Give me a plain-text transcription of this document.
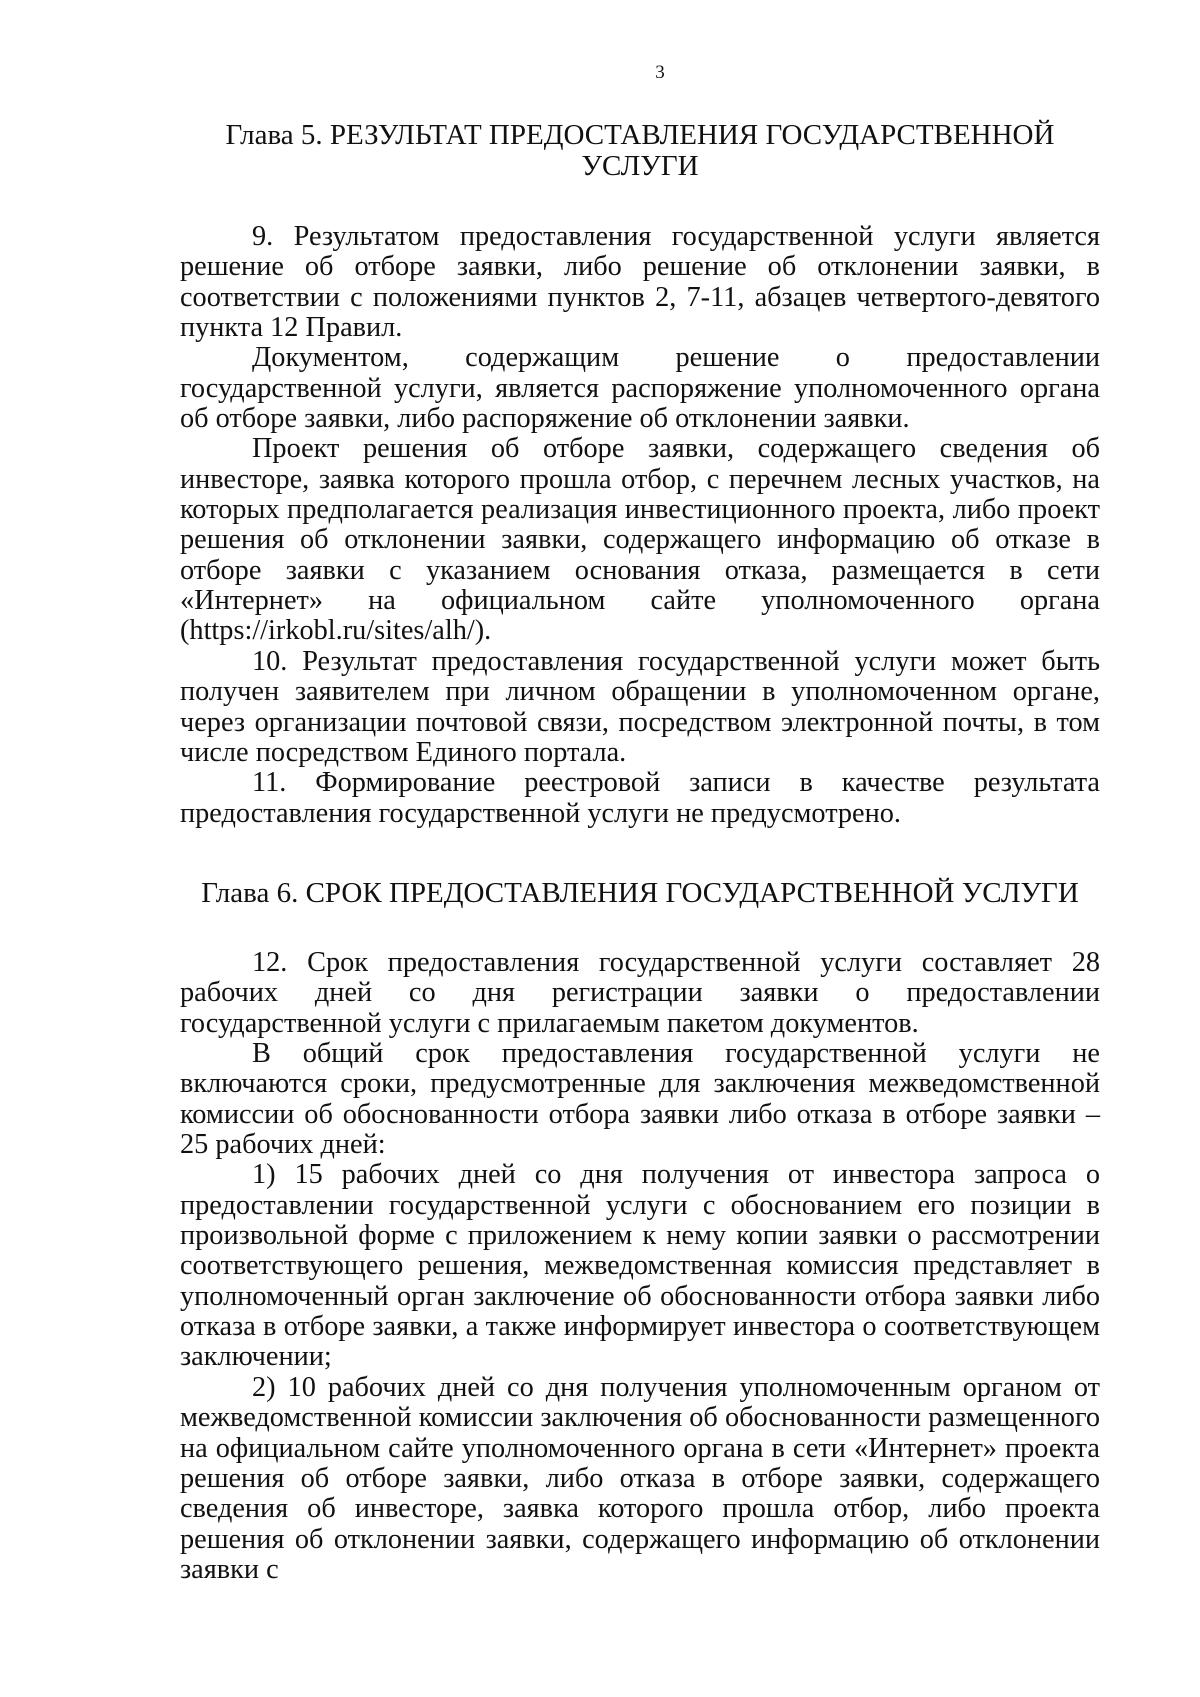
3
Глава 5. РЕЗУЛЬТАТ ПРЕДОСТАВЛЕНИЯ ГОСУДАРСТВЕННОЙ
УСЛУГИ

9. Результатом предоставления государственной услуги является решение об отборе заявки, либо решение об отклонении заявки, в соответствии с положениями пунктов 2, 7-11, абзацев четвертого-девятого пункта 12 Правил.

Документом, содержащим решение о предоставлении государственной услуги, является распоряжение уполномоченного органа об отборе заявки, либо распоряжение об отклонении заявки.

Проект решения об отборе заявки, содержащего сведения об инвесторе, заявка которого прошла отбор, с перечнем лесных участков, на которых предполагается реализация инвестиционного проекта, либо проект решения об отклонении заявки, содержащего информацию об отказе в отборе заявки с указанием основания отказа, размещается в сети «Интернет» на официальном сайте уполномоченного органа (https://irkobl.ru/sites/alh/).

10. Результат предоставления государственной услуги может быть получен заявителем при личном обращении в уполномоченном органе, через организации почтовой связи, посредством электронной почты, в том числе посредством Единого портала.

11. Формирование реестровой записи в качестве результата предоставления государственной услуги не предусмотрено.

Глава 6. СРОК ПРЕДОСТАВЛЕНИЯ ГОСУДАРСТВЕННОЙ УСЛУГИ

12. Срок предоставления государственной услуги составляет 28 рабочих дней со дня регистрации заявки о предоставлении государственной услуги с прилагаемым пакетом документов.

В общий срок предоставления государственной услуги не включаются сроки, предусмотренные для заключения межведомственной комиссии об обоснованности отбора заявки либо отказа в отборе заявки – 25 рабочих дней:

1) 15 рабочих дней со дня получения от инвестора запроса о предоставлении государственной услуги с обоснованием его позиции в произвольной форме с приложением к нему копии заявки о рассмотрении соответствующего решения, межведомственная комиссия представляет в уполномоченный орган заключение об обоснованности отбора заявки либо отказа в отборе заявки, а также информирует инвестора о соответствующем заключении;

2) 10 рабочих дней со дня получения уполномоченным органом от межведомственной комиссии заключения об обоснованности размещенного на официальном сайте уполномоченного органа в сети «Интернет» проекта решения об отборе заявки, либо отказа в отборе заявки, содержащего сведения об инвесторе, заявка которого прошла отбор, либо проекта решения об отклонении заявки, содержащего информацию об отклонении заявки с
